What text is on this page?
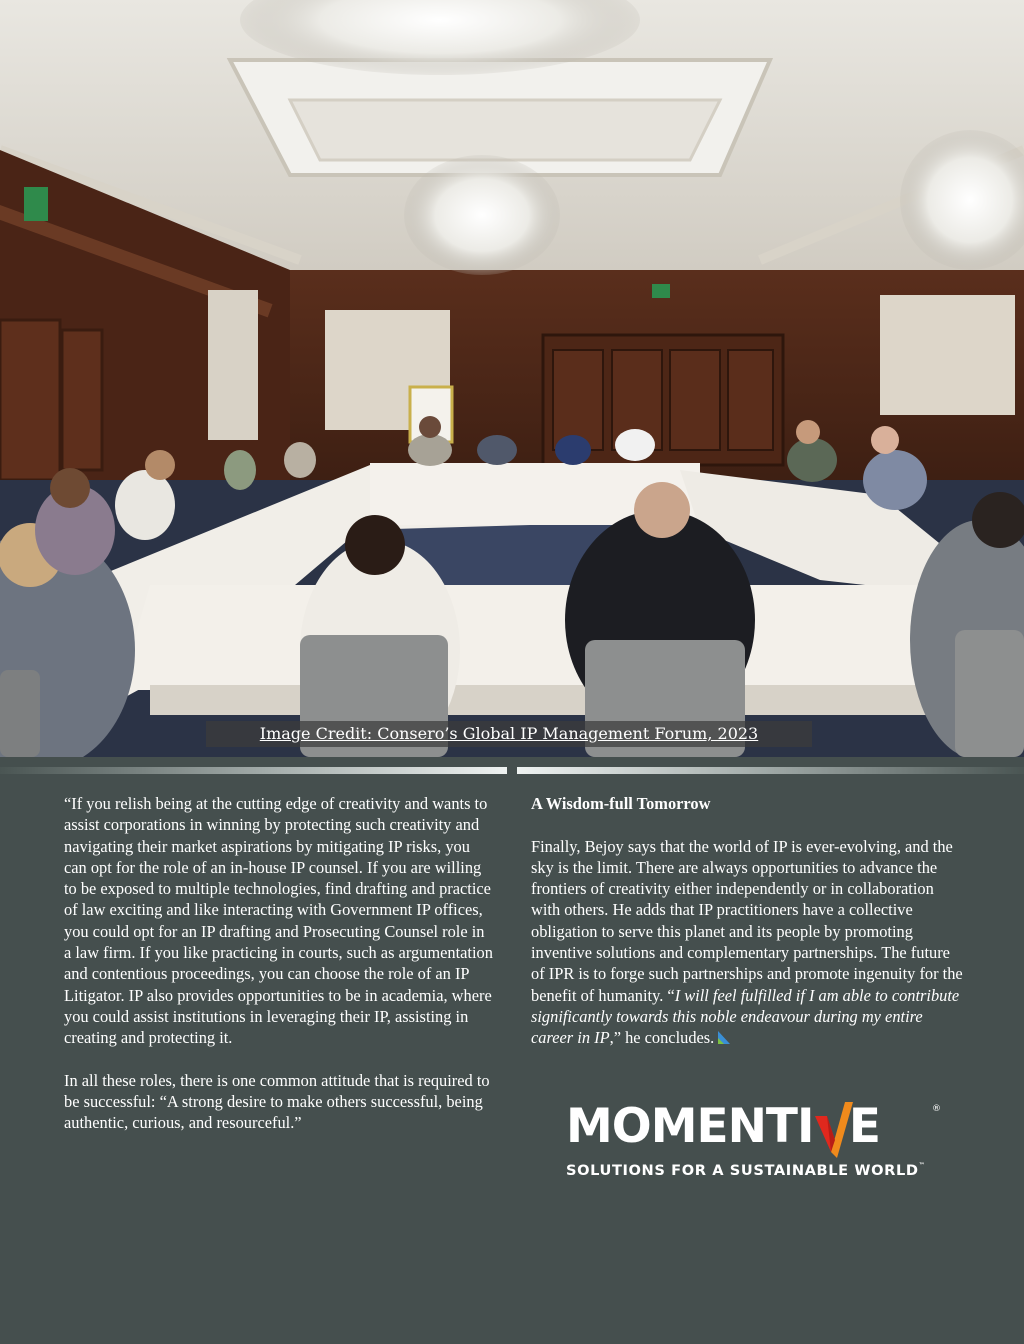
Image Credit: Consero’s Global IP Management Forum, 2023

“If you relish being at the cutting edge of creativity and wants to assist corporations in winning by protecting such creativity and navigating their market aspirations by mitigating IP risks, you can opt for the role of an in-house IP counsel. If you are willing to be exposed to multiple technologies, find drafting and practice of law exciting and like interacting with Government IP offices, you could opt for an IP drafting and Prosecuting Counsel role in a law firm. If you like practicing in courts, such as argumentation and contentious proceedings, you can choose the role of an IP Litigator. IP also provides opportunities to be in academia, where you could assist institutions in leveraging their IP, assisting in creating and protecting it.

In all these roles, there is one common attitude that is required to be successful: “A strong desire to make others successful, being authentic, curious, and resourceful.”

A Wisdom-full Tomorrow

Finally, Bejoy says that the world of IP is ever-evolving, and the sky is the limit. There are always opportunities to advance the frontiers of creativity either independently or in collaboration with others. He adds that IP practitioners have a collective obligation to serve this planet and its people by promoting inventive solutions and complementary partnerships. The future of IPR is to forge such partnerships and promote ingenuity for the benefit of humanity. “I will feel fulfilled if I am able to contribute significantly towards this noble endeavour during my entire career in IP,” he concludes.

MOMENTI E	®
SOLUTIONS FOR A SUSTAINABLE WORLD™
